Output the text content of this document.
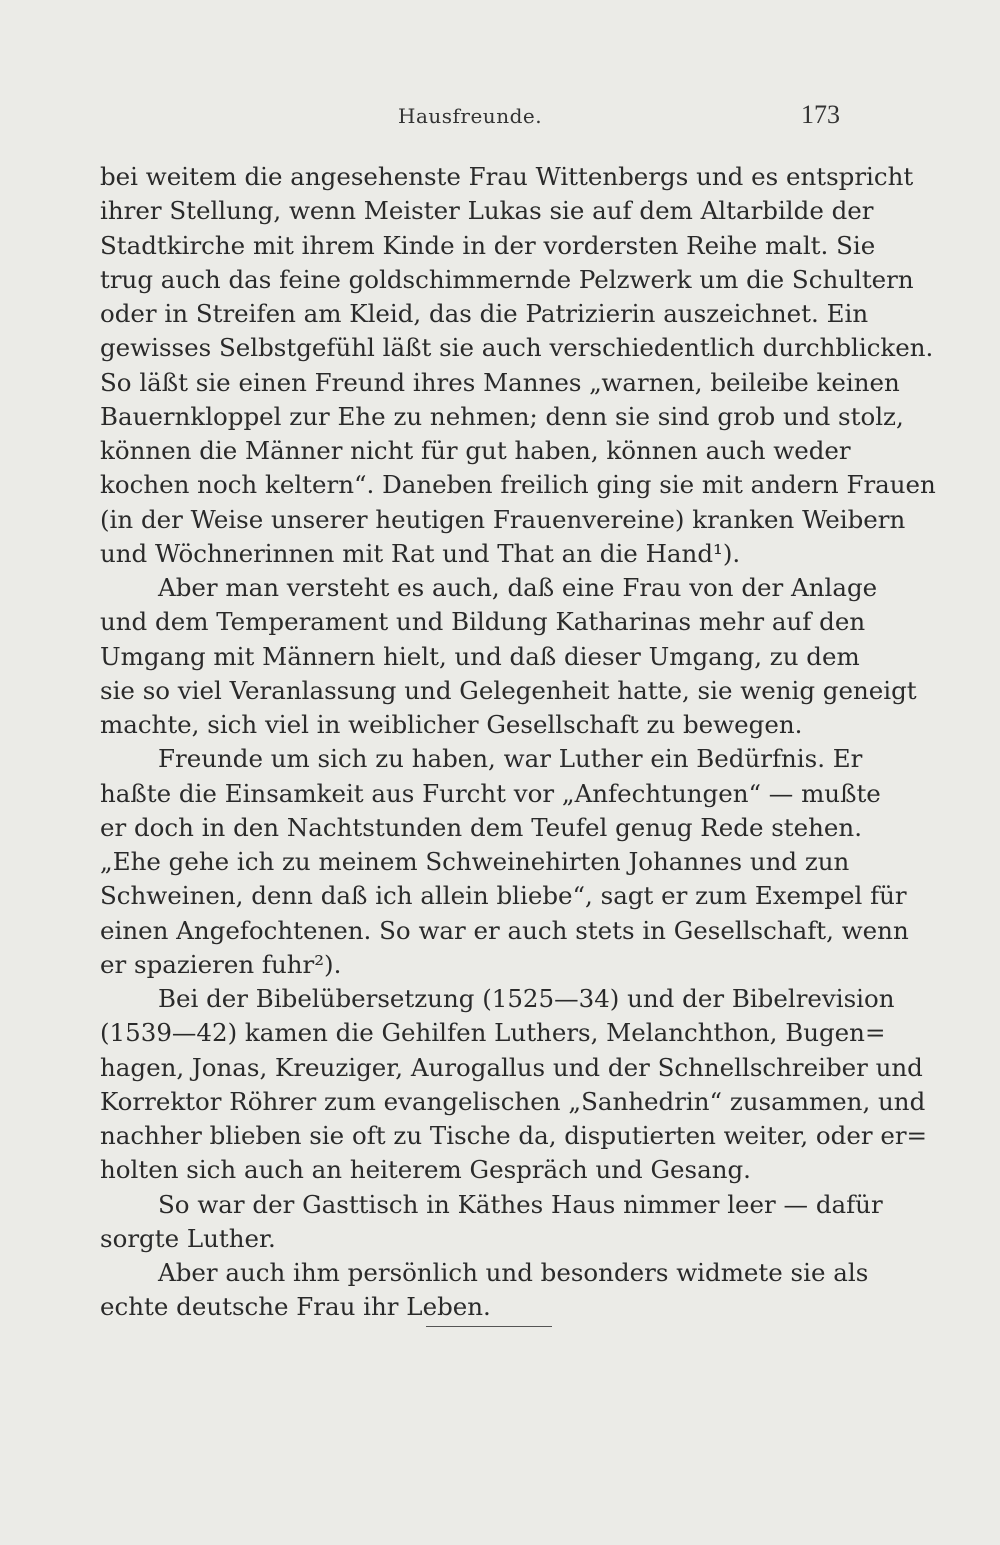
Hausfreunde.	173
bei weitem die angesehenste Frau Wittenbergs und es entspricht
ihrer Stellung, wenn Meister Lukas sie auf dem Altarbilde der
Stadtkirche mit ihrem Kinde in der vordersten Reihe malt. Sie
trug auch das feine goldschimmernde Pelzwerk um die Schultern
oder in Streifen am Kleid, das die Patrizierin auszeichnet. Ein
gewisses Selbstgefühl läßt sie auch verschiedentlich durchblicken.
So läßt sie einen Freund ihres Mannes „warnen, beileibe keinen
Bauernkloppel zur Ehe zu nehmen; denn sie sind grob und stolz,
können die Männer nicht für gut haben, können auch weder
kochen noch keltern“. Daneben freilich ging sie mit andern Frauen
(in der Weise unserer heutigen Frauenvereine) kranken Weibern
und Wöchnerinnen mit Rat und That an die Hand¹).
Aber man versteht es auch, daß eine Frau von der Anlage
und dem Temperament und Bildung Katharinas mehr auf den
Umgang mit Männern hielt, und daß dieser Umgang, zu dem
sie so viel Veranlassung und Gelegenheit hatte, sie wenig geneigt
machte, sich viel in weiblicher Gesellschaft zu bewegen.
Freunde um sich zu haben, war Luther ein Bedürfnis. Er
haßte die Einsamkeit aus Furcht vor „Anfechtungen“ — mußte
er doch in den Nachtstunden dem Teufel genug Rede stehen.
„Ehe gehe ich zu meinem Schweinehirten Johannes und zun
Schweinen, denn daß ich allein bliebe“, sagt er zum Exempel für
einen Angefochtenen. So war er auch stets in Gesellschaft, wenn
er spazieren fuhr²).
Bei der Bibelübersetzung (1525—34) und der Bibelrevision
(1539—42) kamen die Gehilfen Luthers, Melanchthon, Bugen=
hagen, Jonas, Kreuziger, Aurogallus und der Schnellschreiber und
Korrektor Röhrer zum evangelischen „Sanhedrin“ zusammen, und
nachher blieben sie oft zu Tische da, disputierten weiter, oder er=
holten sich auch an heiterem Gespräch und Gesang.
So war der Gasttisch in Käthes Haus nimmer leer — dafür
sorgte Luther.
Aber auch ihm persönlich und besonders widmete sie als
echte deutsche Frau ihr Leben.
